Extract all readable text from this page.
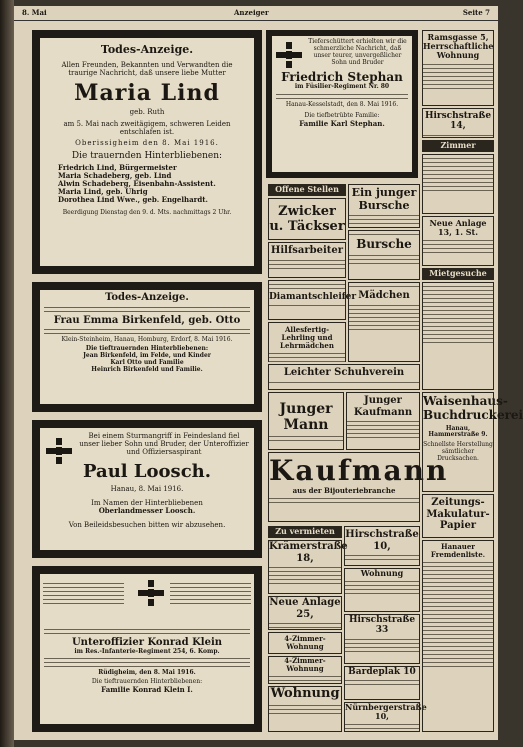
8. Mai	Anzeiger	Seite 7
Todes-Anzeige.
Allen Freunden, Bekannten und Verwandten die traurige Nachricht, daß unsere liebe Mutter
Maria Lind
geb. Ruth
am 5. Mai nach zweitägigem, schweren Leiden entschlafen ist.
Oberissigheim den 8. Mai 1916.
Die trauernden Hinterbliebenen:
Friedrich Lind, Bürgermeister
Maria Schadeberg, geb. Lind
Alwin Schadeberg, Eisenbahn-Assistent.
Maria Lind, geb. Uhrig
Dorothea Lind Wwe., geb. Engelhardt.
Beerdigung Dienstag den 9. d. Mts. nachmittags 2 Uhr.
Todes-Anzeige.
Frau Emma Birkenfeld, geb. Otto
Klein-Steinheim, Hanau, Homburg, Erdorf, 8. Mai 1916.
Die tieftrauernden Hinterbliebenen:
Jean Birkenfeld, im Felde, und Kinder
Karl Otto und Familie
Heinrich Birkenfeld und Familie.
Bei einem Sturmangriff in Feindesland fiel unser lieber Sohn und Bruder, der Unteroffizier und Offiziersaspirant
Paul Loosch.
Hanau, 8. Mai 1916.
Im Namen der Hinterbliebenen
Oberlandmesser Loosch.
Von Beileidsbesuchen bitten wir abzusehen.
Unteroffizier Konrad Klein
im Res.-Infanterie-Regiment 254, 6. Komp.
Rüdigheim, den 8. Mai 1916.
Die tieftrauernden Hinterbliebenen:
Familie Konrad Klein I.
Tieferschüttert erhielten wir die schmerzliche Nachricht, daß unser teurer, unvergeßlicher Sohn und Bruder
Friedrich Stephan
im Füsilier-Regiment Nr. 80
Hanau-Kesselstadt, den 8. Mai 1916.
Die tiefbetrübte Familie:
Familie Karl Stephan.
Offene Stellen
Zwicker u. Täckser
Hilfsarbeiter
Diamantschleifer
Allesfertig-Lehrling und Lehrmädchen
Ein junger Bursche
Bursche
Mädchen
Leichter Schuhverein
Junger Mann
Junger Kaufmann
Kaufmann
aus der Bijouteriebranche
Zu vermieten
Krämerstraße 18,
Neue Anlage 25,
4-Zimmer-Wohnung
4-Zimmer-Wohnung
Wohnung
Hirschstraße 10,
Wohnung
Hirschstraße 33
Bardeplak 10
Nürnbergerstraße 10,
Ramsgasse 5, Herrschaftliche Wohnung
Hirschstraße 14,
Zimmer
Neue Anlage 13, 1. St.
Mietgesuche
Waisenhaus-Buchdruckerei
Hanau, Hammerstraße 9.
Schnellste Herstellung sämtlicher Drucksachen.
Zeitungs-Makulatur-Papier
Hanauer Fremdenliste.
